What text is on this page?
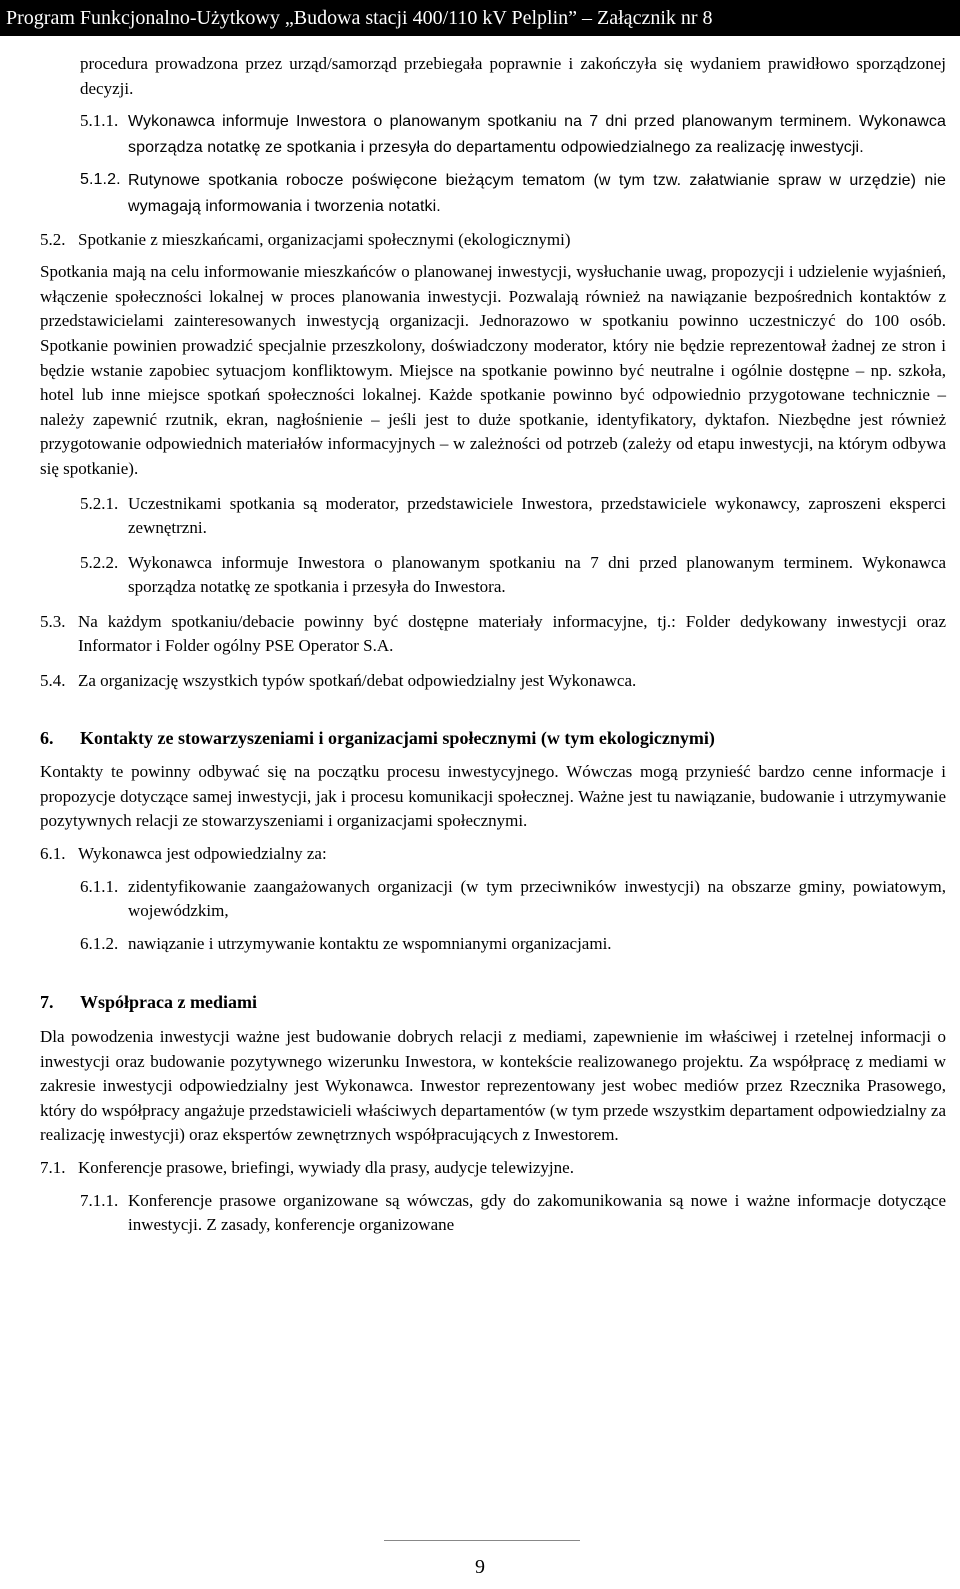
Program Funkcjonalno-Użytkowy „Budowa stacji 400/110 kV Pelplin” – Załącznik nr 8

procedura prowadzona przez urząd/samorząd przebiegała poprawnie i zakończyła się wydaniem prawidłowo sporządzonej decyzji.

5.1.1. Wykonawca informuje Inwestora o planowanym spotkaniu na 7 dni przed planowanym terminem. Wykonawca sporządza notatkę ze spotkania i przesyła do departamentu odpowiedzialnego za realizację inwestycji.
5.1.2. Rutynowe spotkania robocze poświęcone bieżącym tematom (w tym tzw. załatwianie spraw w urzędzie) nie wymagają informowania i tworzenia notatki.
5.2. Spotkanie z mieszkańcami, organizacjami społecznymi (ekologicznymi)

Spotkania mają na celu informowanie mieszkańców o planowanej inwestycji, wysłuchanie uwag, propozycji i udzielenie wyjaśnień, włączenie społeczności lokalnej w proces planowania inwestycji. Pozwalają również na nawiązanie bezpośrednich kontaktów z przedstawicielami zainteresowanych inwestycją organizacji. Jednorazowo w spotkaniu powinno uczestniczyć do 100 osób. Spotkanie powinien prowadzić specjalnie przeszkolony, doświadczony moderator, który nie będzie reprezentował żadnej ze stron i będzie wstanie zapobiec sytuacjom konfliktowym. Miejsce na spotkanie powinno być neutralne i ogólnie dostępne – np. szkoła, hotel lub inne miejsce spotkań społeczności lokalnej. Każde spotkanie powinno być odpowiednio przygotowane technicznie – należy zapewnić rzutnik, ekran, nagłośnienie – jeśli jest to duże spotkanie, identyfikatory, dyktafon. Niezbędne jest również przygotowanie odpowiednich materiałów informacyjnych – w zależności od potrzeb (zależy od etapu inwestycji, na którym odbywa się spotkanie).

5.2.1. Uczestnikami spotkania są moderator, przedstawiciele Inwestora, przedstawiciele wykonawcy, zaproszeni eksperci zewnętrzni.
5.2.2. Wykonawca informuje Inwestora o planowanym spotkaniu na 7 dni przed planowanym terminem. Wykonawca sporządza notatkę ze spotkania i przesyła do Inwestora.
5.3. Na każdym spotkaniu/debacie powinny być dostępne materiały informacyjne, tj.: Folder dedykowany inwestycji oraz Informator i Folder ogólny PSE Operator S.A.
5.4. Za organizację wszystkich typów spotkań/debat odpowiedzialny jest Wykonawca.
6. Kontakty ze stowarzyszeniami i organizacjami społecznymi (w tym ekologicznymi)

Kontakty te powinny odbywać się na początku procesu inwestycyjnego. Wówczas mogą przynieść bardzo cenne informacje i propozycje dotyczące samej inwestycji, jak i procesu komunikacji społecznej. Ważne jest tu nawiązanie, budowanie i utrzymywanie pozytywnych relacji ze stowarzyszeniami i organizacjami społecznymi.

6.1. Wykonawca jest odpowiedzialny za:
6.1.1. zidentyfikowanie zaangażowanych organizacji (w tym przeciwników inwestycji) na obszarze gminy, powiatowym, wojewódzkim,
6.1.2. nawiązanie i utrzymywanie kontaktu ze wspomnianymi organizacjami.
7. Współpraca z mediami

Dla powodzenia inwestycji ważne jest budowanie dobrych relacji z mediami, zapewnienie im właściwej i rzetelnej informacji o inwestycji oraz budowanie pozytywnego wizerunku Inwestora, w kontekście realizowanego projektu. Za współpracę z mediami w zakresie inwestycji odpowiedzialny jest Wykonawca. Inwestor reprezentowany jest wobec mediów przez Rzecznika Prasowego, który do współpracy angażuje przedstawicieli właściwych departamentów (w tym przede wszystkim departament odpowiedzialny za realizację inwestycji) oraz ekspertów zewnętrznych współpracujących z Inwestorem.

7.1. Konferencje prasowe, briefingi, wywiady dla prasy, audycje telewizyjne.
7.1.1. Konferencje prasowe organizowane są wówczas, gdy do zakomunikowania są nowe i ważne informacje dotyczące inwestycji. Z zasady, konferencje organizowane
9
